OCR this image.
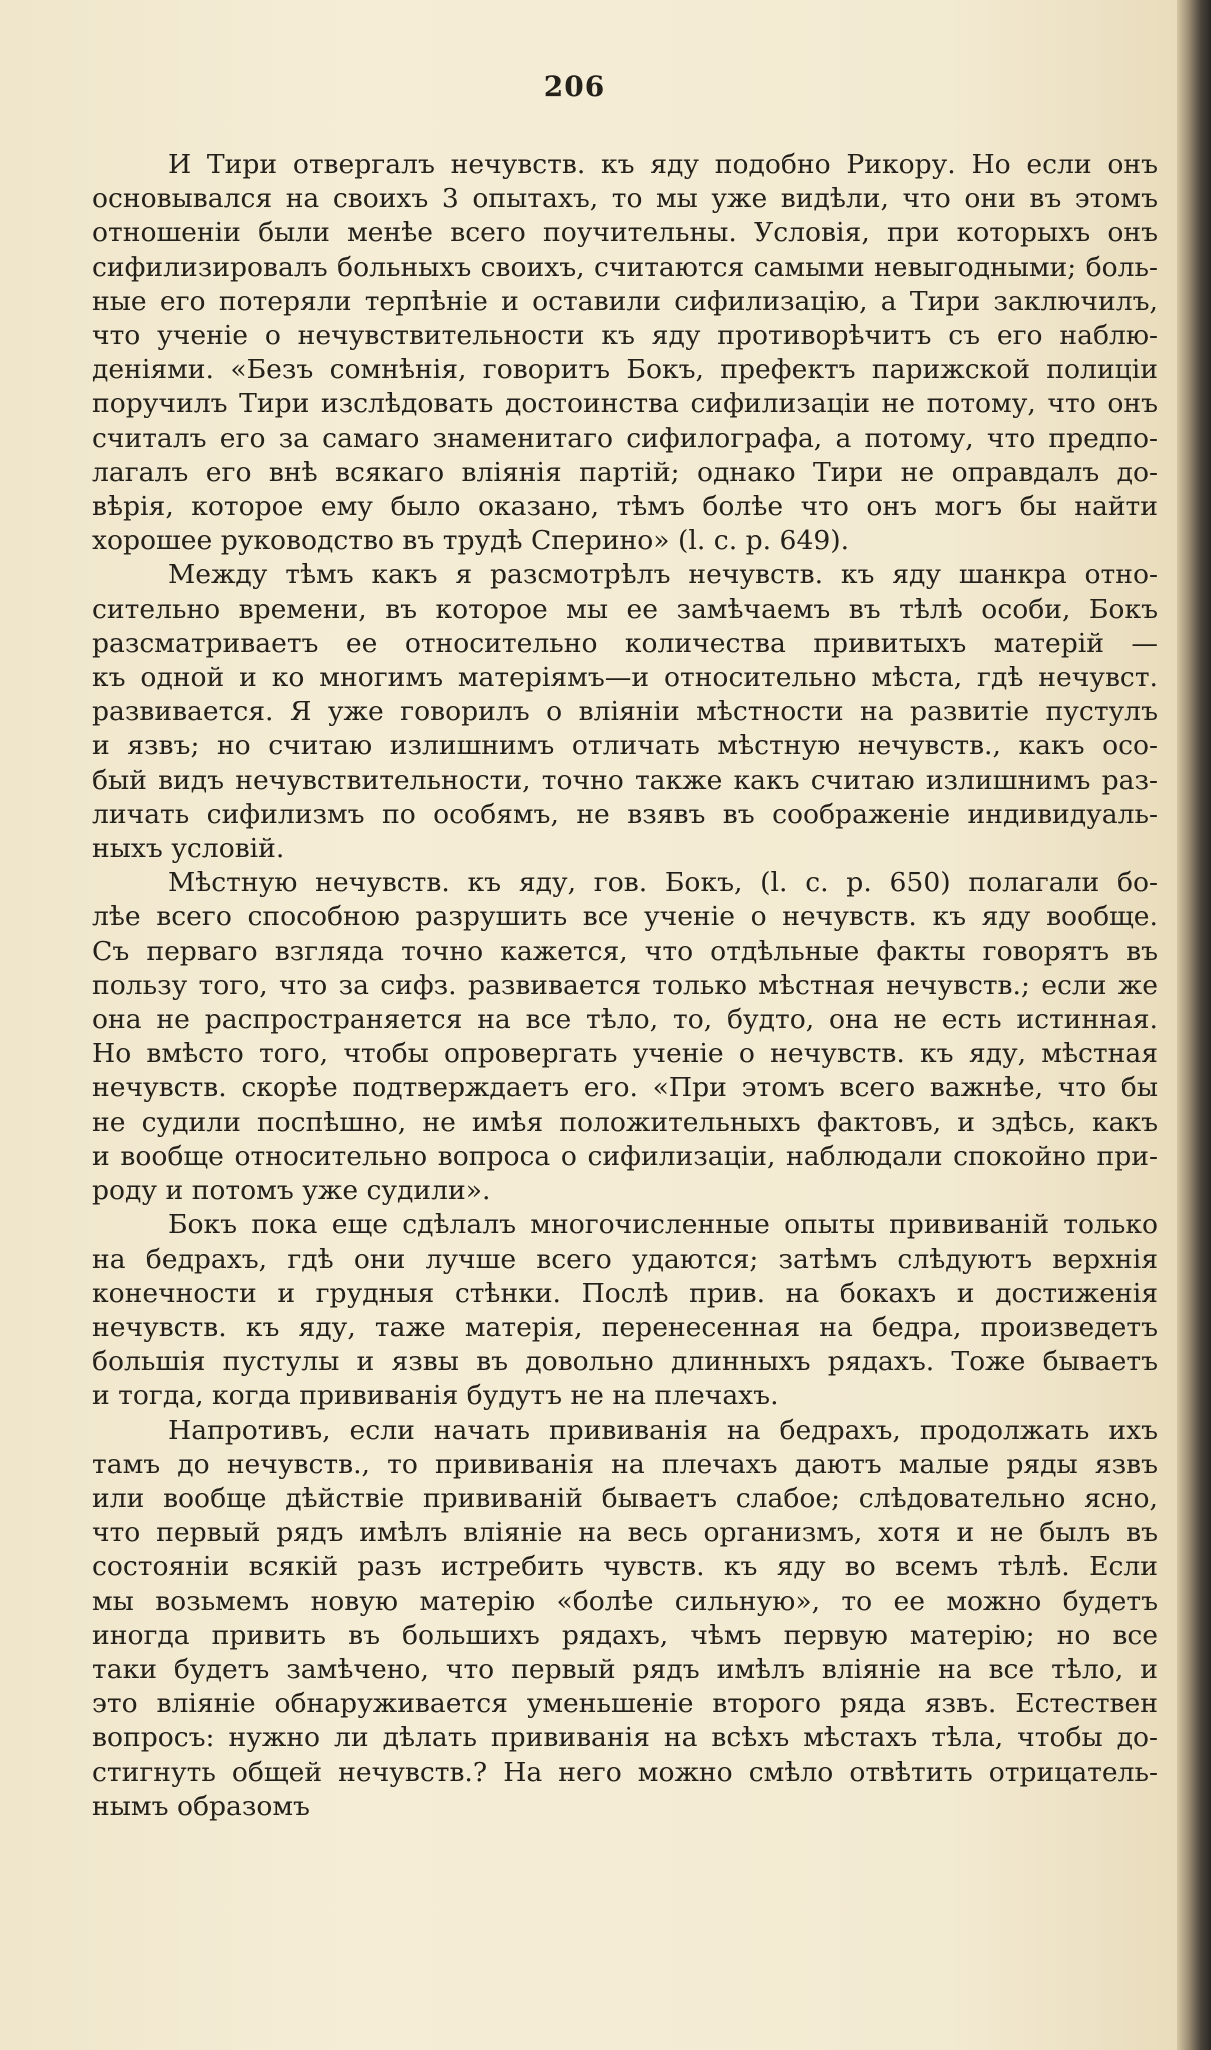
206
И Тири отвергалъ нечувств. къ яду подобно Рикору. Но если онъ
основывался на своихъ 3 опытахъ, то мы уже видѣли, что они въ этомъ
отношеніи были менѣе всего поучительны. Условія, при которыхъ онъ
сифилизировалъ больныхъ своихъ, считаются самыми невыгодными; боль-
ные его потеряли терпѣніе и оставили сифилизацію, а Тири заключилъ,
что ученіе о нечувствительности къ яду противорѣчитъ съ его наблю-
деніями. «Безъ сомнѣнія, говоритъ Бокъ, префектъ парижской полиціи
поручилъ Тири изслѣдовать достоинства сифилизаціи не потому, что онъ
считалъ его за самаго знаменитаго сифилографа, а потому, что предпо-
лагалъ его внѣ всякаго вліянія партій; однако Тири не оправдалъ до-
вѣрія, которое ему было оказано, тѣмъ болѣе что онъ могъ бы найти
хорошее руководство въ трудѣ Сперино» (l. c. p. 649).
Между тѣмъ какъ я разсмотрѣлъ нечувств. къ яду шанкра отно-
сительно времени, въ которое мы ее замѣчаемъ въ тѣлѣ особи, Бокъ
разсматриваетъ ее относительно количества привитыхъ матерій —
къ одной и ко многимъ матеріямъ—и относительно мѣста, гдѣ нечувст.
развивается. Я уже говорилъ о вліяніи мѣстности на развитіе пустулъ
и язвъ; но считаю излишнимъ отличать мѣстную нечувств., какъ осо-
бый видъ нечувствительности, точно также какъ считаю излишнимъ раз-
личать сифилизмъ по особямъ, не взявъ въ соображеніе индивидуаль-
ныхъ условій.
Мѣстную нечувств. къ яду, гов. Бокъ, (l. c. p. 650) полагали бо-
лѣе всего способною разрушить все ученіе о нечувств. къ яду вообще.
Съ перваго взгляда точно кажется, что отдѣльные факты говорятъ въ
пользу того, что за сифз. развивается только мѣстная нечувств.; если же
она не распространяется на все тѣло, то, будто, она не есть истинная.
Но вмѣсто того, чтобы опровергать ученіе о нечувств. къ яду, мѣстная
нечувств. скорѣе подтверждаетъ его. «При этомъ всего важнѣе, что бы
не судили поспѣшно, не имѣя положительныхъ фактовъ, и здѣсь, какъ
и вообще относительно вопроса о сифилизаціи, наблюдали спокойно при-
роду и потомъ уже судили».
Бокъ пока еще сдѣлалъ многочисленные опыты прививаній только
на бедрахъ, гдѣ они лучше всего удаются; затѣмъ слѣдуютъ верхнія
конечности и грудныя стѣнки. Послѣ прив. на бокахъ и достиженія
нечувств. къ яду, таже матерія, перенесенная на бедра, произведетъ
большія пустулы и язвы въ довольно длинныхъ рядахъ. Тоже бываетъ
и тогда, когда прививанія будутъ не на плечахъ.
Напротивъ, если начать прививанія на бедрахъ, продолжать ихъ
тамъ до нечувств., то прививанія на плечахъ даютъ малые ряды язвъ
или вообще дѣйствіе прививаній бываетъ слабое; слѣдовательно ясно,
что первый рядъ имѣлъ вліяніе на весь организмъ, хотя и не былъ въ
состояніи всякій разъ истребить чувств. къ яду во всемъ тѣлѣ. Если
мы возьмемъ новую матерію «болѣе сильную», то ее можно будетъ
иногда привить въ большихъ рядахъ, чѣмъ первую матерію; но все
таки будетъ замѣчено, что первый рядъ имѣлъ вліяніе на все тѣло, и
это вліяніе обнаруживается уменьшеніе второго ряда язвъ. Естествен
вопросъ: нужно ли дѣлать прививанія на всѣхъ мѣстахъ тѣла, чтобы до-
стигнуть общей нечувств.? На него можно смѣло отвѣтить отрицатель-
нымъ образомъ
